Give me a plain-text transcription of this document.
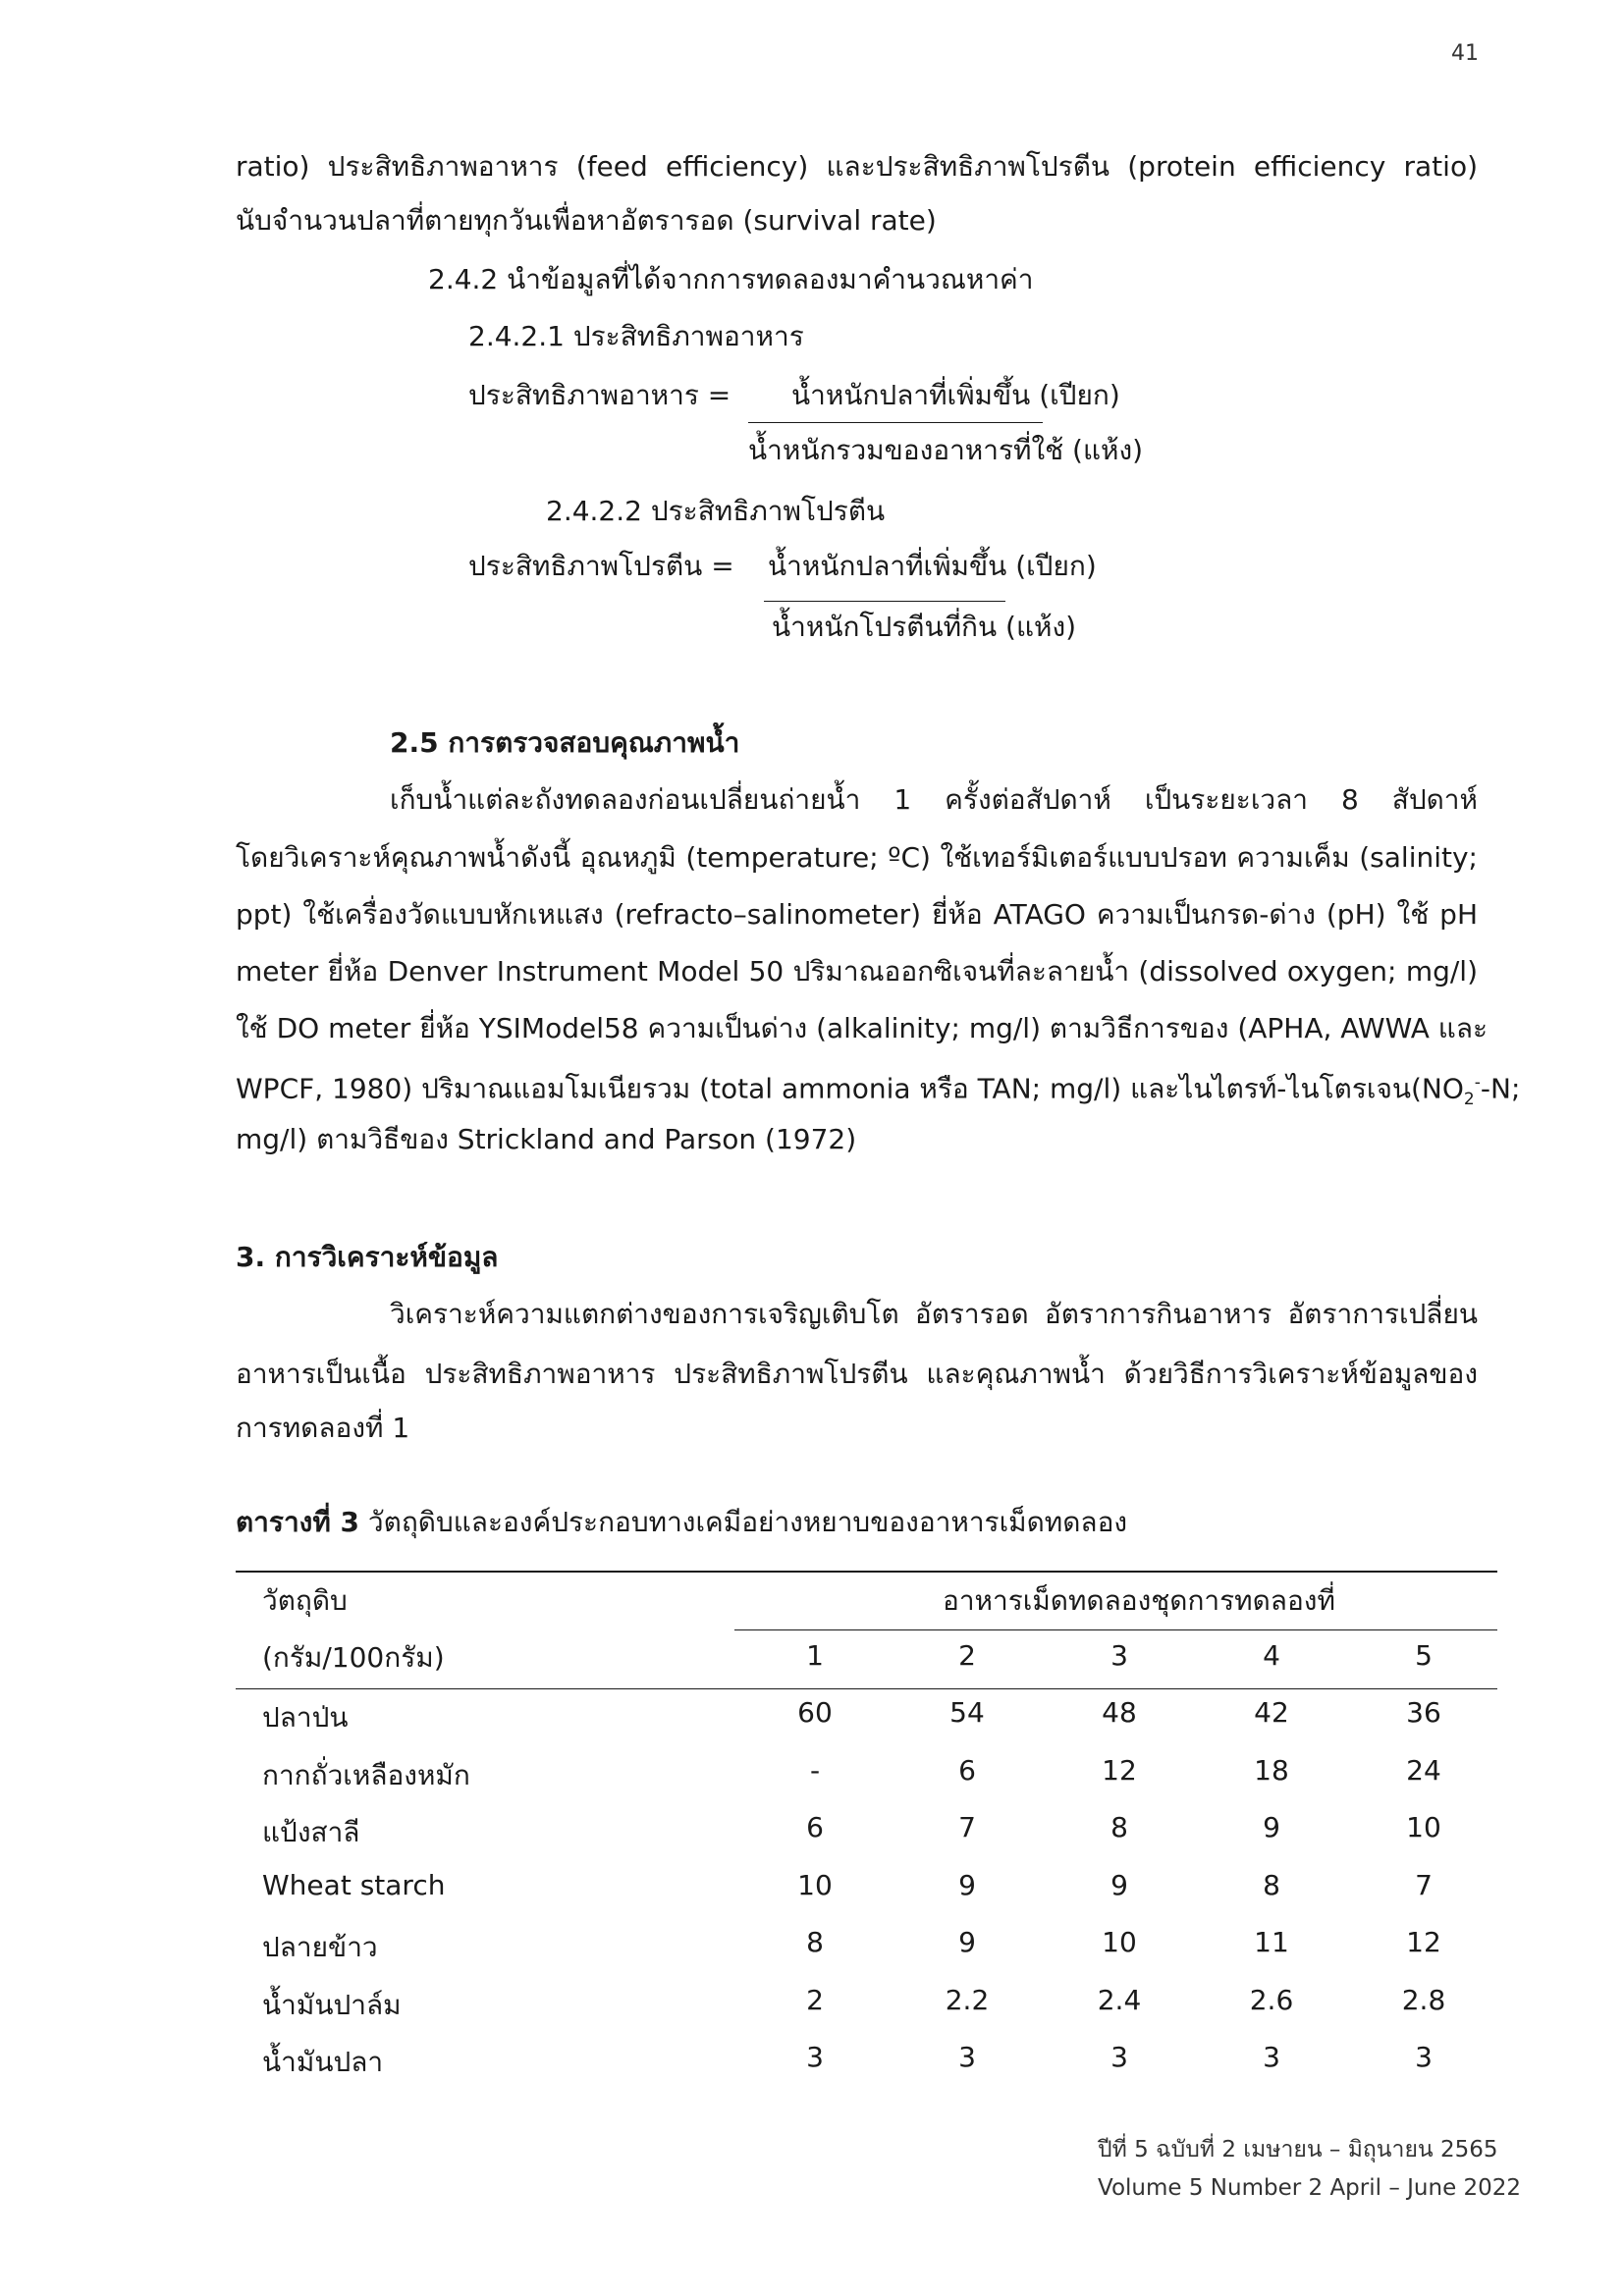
41
ratio) ประสิทธิภาพอาหาร (feed efficiency) และประสิทธิภาพโปรตีน (protein efficiency ratio)
นับจำนวนปลาที่ตายทุกวันเพื่อหาอัตรารอด (survival rate)
2.4.2 นำข้อมูลที่ได้จากการทดลองมาคำนวณหาค่า
2.4.2.1 ประสิทธิภาพอาหาร
ประสิทธิภาพอาหาร = น้ำหนักปลาที่เพิ่มขึ้น (เปียก)
น้ำหนักรวมของอาหารที่ใช้ (แห้ง)
2.4.2.2 ประสิทธิภาพโปรตีน
ประสิทธิภาพโปรตีน = น้ำหนักปลาที่เพิ่มขึ้น (เปียก)
น้ำหนักโปรตีนที่กิน (แห้ง)
2.5 การตรวจสอบคุณภาพน้ำ
เก็บน้ำแต่ละถังทดลองก่อนเปลี่ยนถ่ายน้ำ 1 ครั้งต่อสัปดาห์ เป็นระยะเวลา 8 สัปดาห์
โดยวิเคราะห์คุณภาพน้ำดังนี้ อุณหภูมิ (temperature; ºC) ใช้เทอร์มิเตอร์แบบปรอท ความเค็ม (salinity;
ppt) ใช้เครื่องวัดแบบหักเหแสง (refracto–salinometer) ยี่ห้อ ATAGO ความเป็นกรด-ด่าง (pH) ใช้ pH
meter ยี่ห้อ Denver Instrument Model 50 ปริมาณออกซิเจนที่ละลายน้ำ (dissolved oxygen; mg/l)
ใช้ DO meter ยี่ห้อ YSIModel58 ความเป็นด่าง (alkalinity; mg/l) ตามวิธีการของ (APHA, AWWA และ
WPCF, 1980) ปริมาณแอมโมเนียรวม (total ammonia หรือ TAN; mg/l) และไนไตรท์-ไนโตรเจน($NO_2^--N$;
mg/l) ตามวิธีของ Strickland and Parson (1972)
3. การวิเคราะห์ข้อมูล
วิเคราะห์ความแตกต่างของการเจริญเติบโต อัตรารอด อัตราการกินอาหาร อัตราการเปลี่ยน
อาหารเป็นเนื้อ ประสิทธิภาพอาหาร ประสิทธิภาพโปรตีน และคุณภาพน้ำ ด้วยวิธีการวิเคราะห์ข้อมูลของ
การทดลองที่ 1
ตารางที่ 3 วัตถุดิบและองค์ประกอบทางเคมีอย่างหยาบของอาหารเม็ดทดลอง
วัตถุดิบ	อาหารเม็ดทดลองชุดการทดลองที่
(กรัม/100กรัม)	1	2	3	4	5
ปลาป่น	60	54	48	42	36
กากถั่วเหลืองหมัก	-	6	12	18	24
แป้งสาลี	6	7	8	9	10
Wheat starch	10	9	9	8	7
ปลายข้าว	8	9	10	11	12
น้ำมันปาล์ม	2	2.2	2.4	2.6	2.8
น้ำมันปลา	3	3	3	3	3
ปีที่ 5 ฉบับที่ 2 เมษายน – มิถุนายน 2565
Volume 5 Number 2 April – June 2022
